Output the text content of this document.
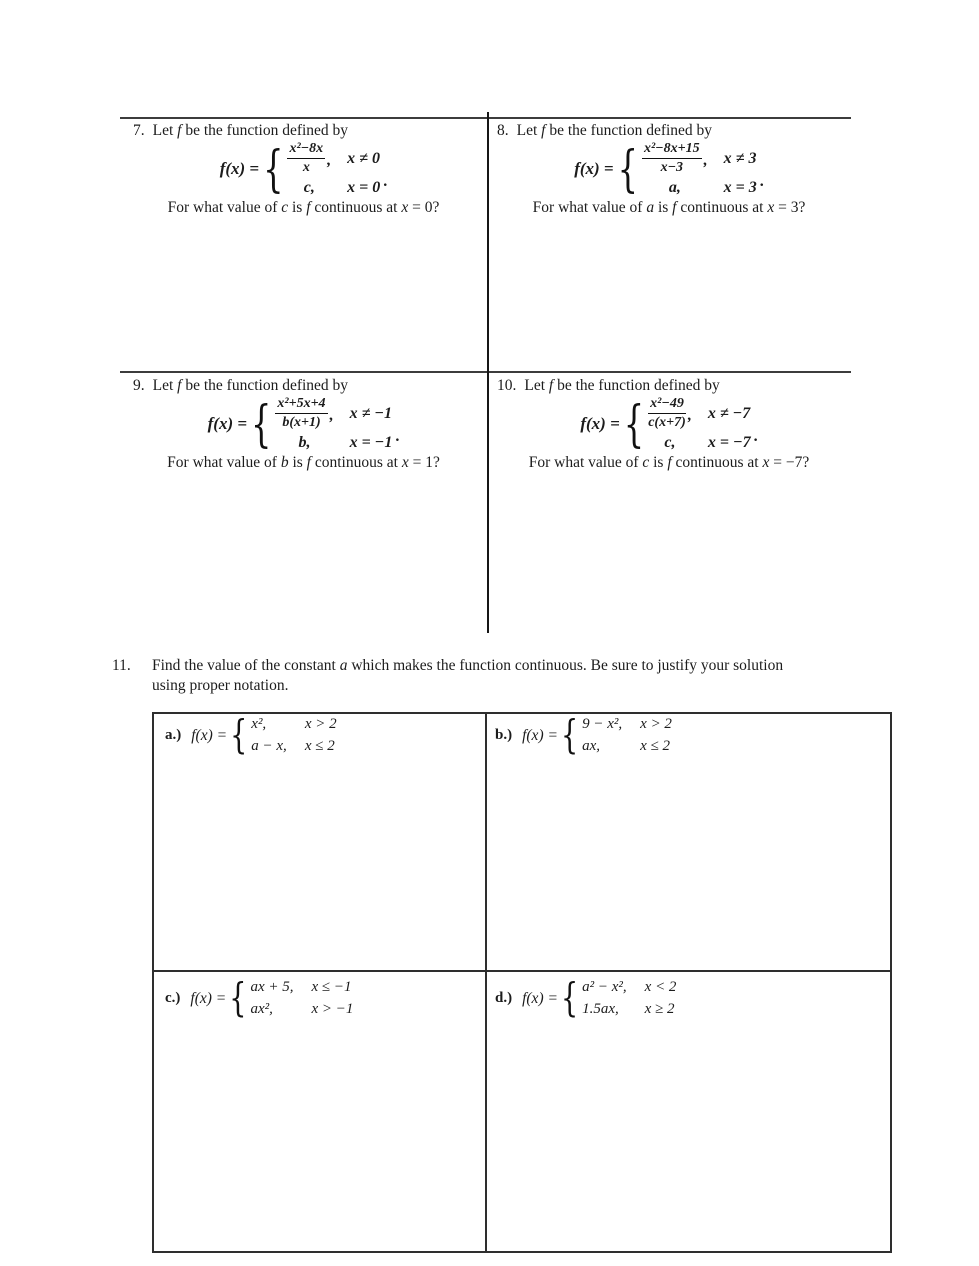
7. Let f be the function defined by
f(x) = { $\frac{\text{x²−8x}}{x}$ , x ≠ 0
c, x = 0 .
For what value of c is f continuous at x = 0?
8. Let f be the function defined by
f(x) = { $\frac{\text{x²−8x+15}}{x-3}$ , x ≠ 3
a,	x = 3 .
For what value of a is f continuous at x = 3?
9. Let f be the function defined by
f(x) = { $\frac{\text{x²+5x+4}}{b(x+1)}$ , x ≠ −1
b, x = −1 .
For what value of b is f continuous at x = 1?
10. Let f be the function defined by
f(x) = { $\frac{\text{x²−49}}{c(x+7)}$ , x ≠ −7
c, x = −7 .
For what value of c is f continuous at x = −7?
11.	Find the value of the constant a which makes the function continuous. Be sure to justify your solution
using proper notation.
a.) f(x) = { x²,	x > 2
a − x, x ≤ 2
b.) f(x) = { 9 − x², x > 2
ax,	x ≤ 2
c.) f(x) = { ax + 5, x ≤ −1
ax²,	x > −1
d.) f(x) = { a² − x², x < 2
1.5ax, x ≥ 2
